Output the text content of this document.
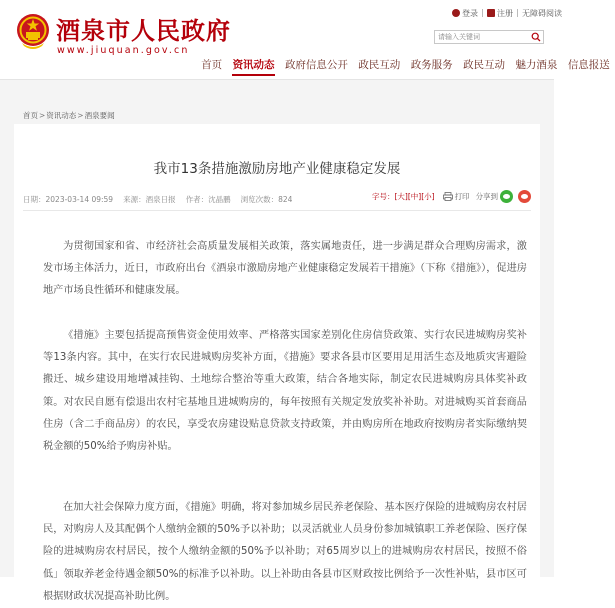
酒泉市人民政府
www.jiuquan.gov.cn
登录 注册 无障碍阅读
请输入关键词
首页 资讯动态 政府信息公开 政民互动 政务服务 政民互动 魅力酒泉 信息报送
首页>资讯动态>酒泉要闻
我市13条措施激励房地产业健康稳定发展
日期：2023-03-14 09:59 来源：酒泉日报 作者：沈晶鹏 浏览次数：824	字号：[大][中][小]	打印 分享到
为贯彻国家和省、市经济社会高质量发展相关政策，落实属地责任，进一步满足群众合理购房需求，激发市场主体活力，近日，市政府出台《酒泉市激励房地产业健康稳定发展若干措施》（下称《措施》），促进房地产市场良性循环和健康发展。
《措施》主要包括提高预售资金使用效率、严格落实国家差别化住房信贷政策、实行农民进城购房奖补等13条内容。其中，在实行农民进城购房奖补方面，《措施》要求各县市区要用足用活生态及地质灾害避险搬迁、城乡建设用地增减挂钩、土地综合整治等重大政策，结合各地实际，制定农民进城购房具体奖补政策。对农民自愿有偿退出农村宅基地且进城购房的，每年按照有关规定发放奖补补助。对进城购买首套商品住房（含二手商品房）的农民，享受农房建设贴息贷款支持政策，并由购房所在地政府按购房者实际缴纳契税金额的50%给予购房补贴。
在加大社会保障力度方面，《措施》明确，将对参加城乡居民养老保险、基本医疗保险的进城购房农村居民，对购房人及其配偶个人缴纳金额的50%予以补助；以灵活就业人员身份参加城镇职工养老保险、医疗保险的进城购房农村居民，按个人缴纳金额的50%予以补助；对65周岁以上的进城购房农村居民，按照不俗低」领取养老金待遇金额50%的标准予以补助。以上补助由各县市区财政按比例给予一次性补贴，县市区可根据财政状况提高补助比例。
